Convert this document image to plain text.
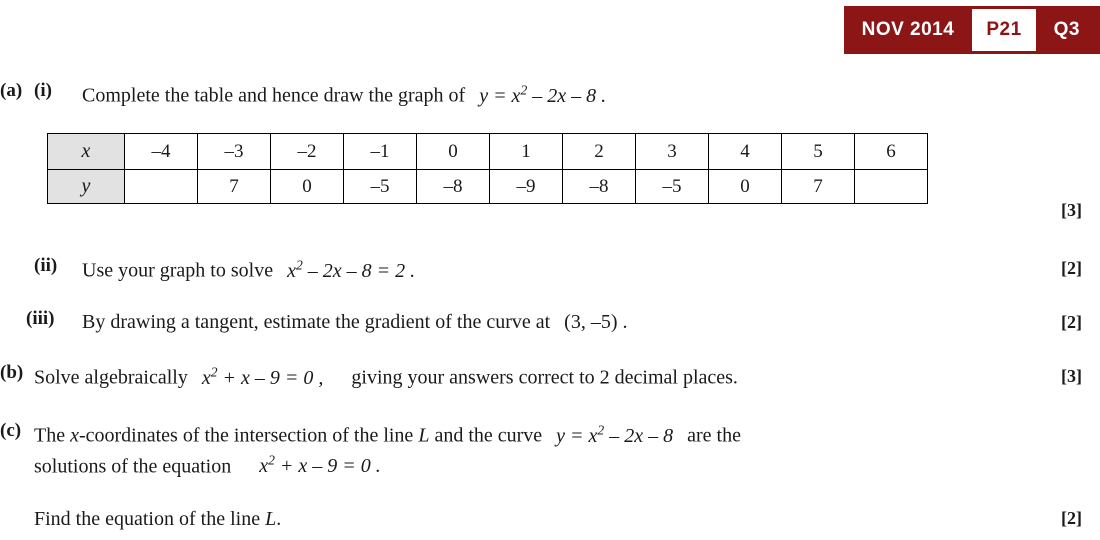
NOV 2014	P21	Q3
(a) (i)	Complete the table and hence draw the graph of $y = x^2 - 2x - 8$ .
[3]
x	–4	–3	–2	–1	0	1	2	3	4	5	6
y		7	0	–5	–8	–9	–8	–5	0	7	
(ii)	Use your graph to solve $x^2 - 2x - 8 = 2$ .	[2]
(iii)	By drawing a tangent, estimate the gradient of the curve at (3, –5) .	[2]
(b) Solve algebraically $x^2 + x - 9 = 0$ , giving your answers correct to 2 decimal places.	[3]
(c) The x-coordinates of the intersection of the line L and the curve $y = x^2 - 2x - 8$ are the
solutions of the equation $x^2 + x - 9 = 0$ .
Find the equation of the line L.	[2]
